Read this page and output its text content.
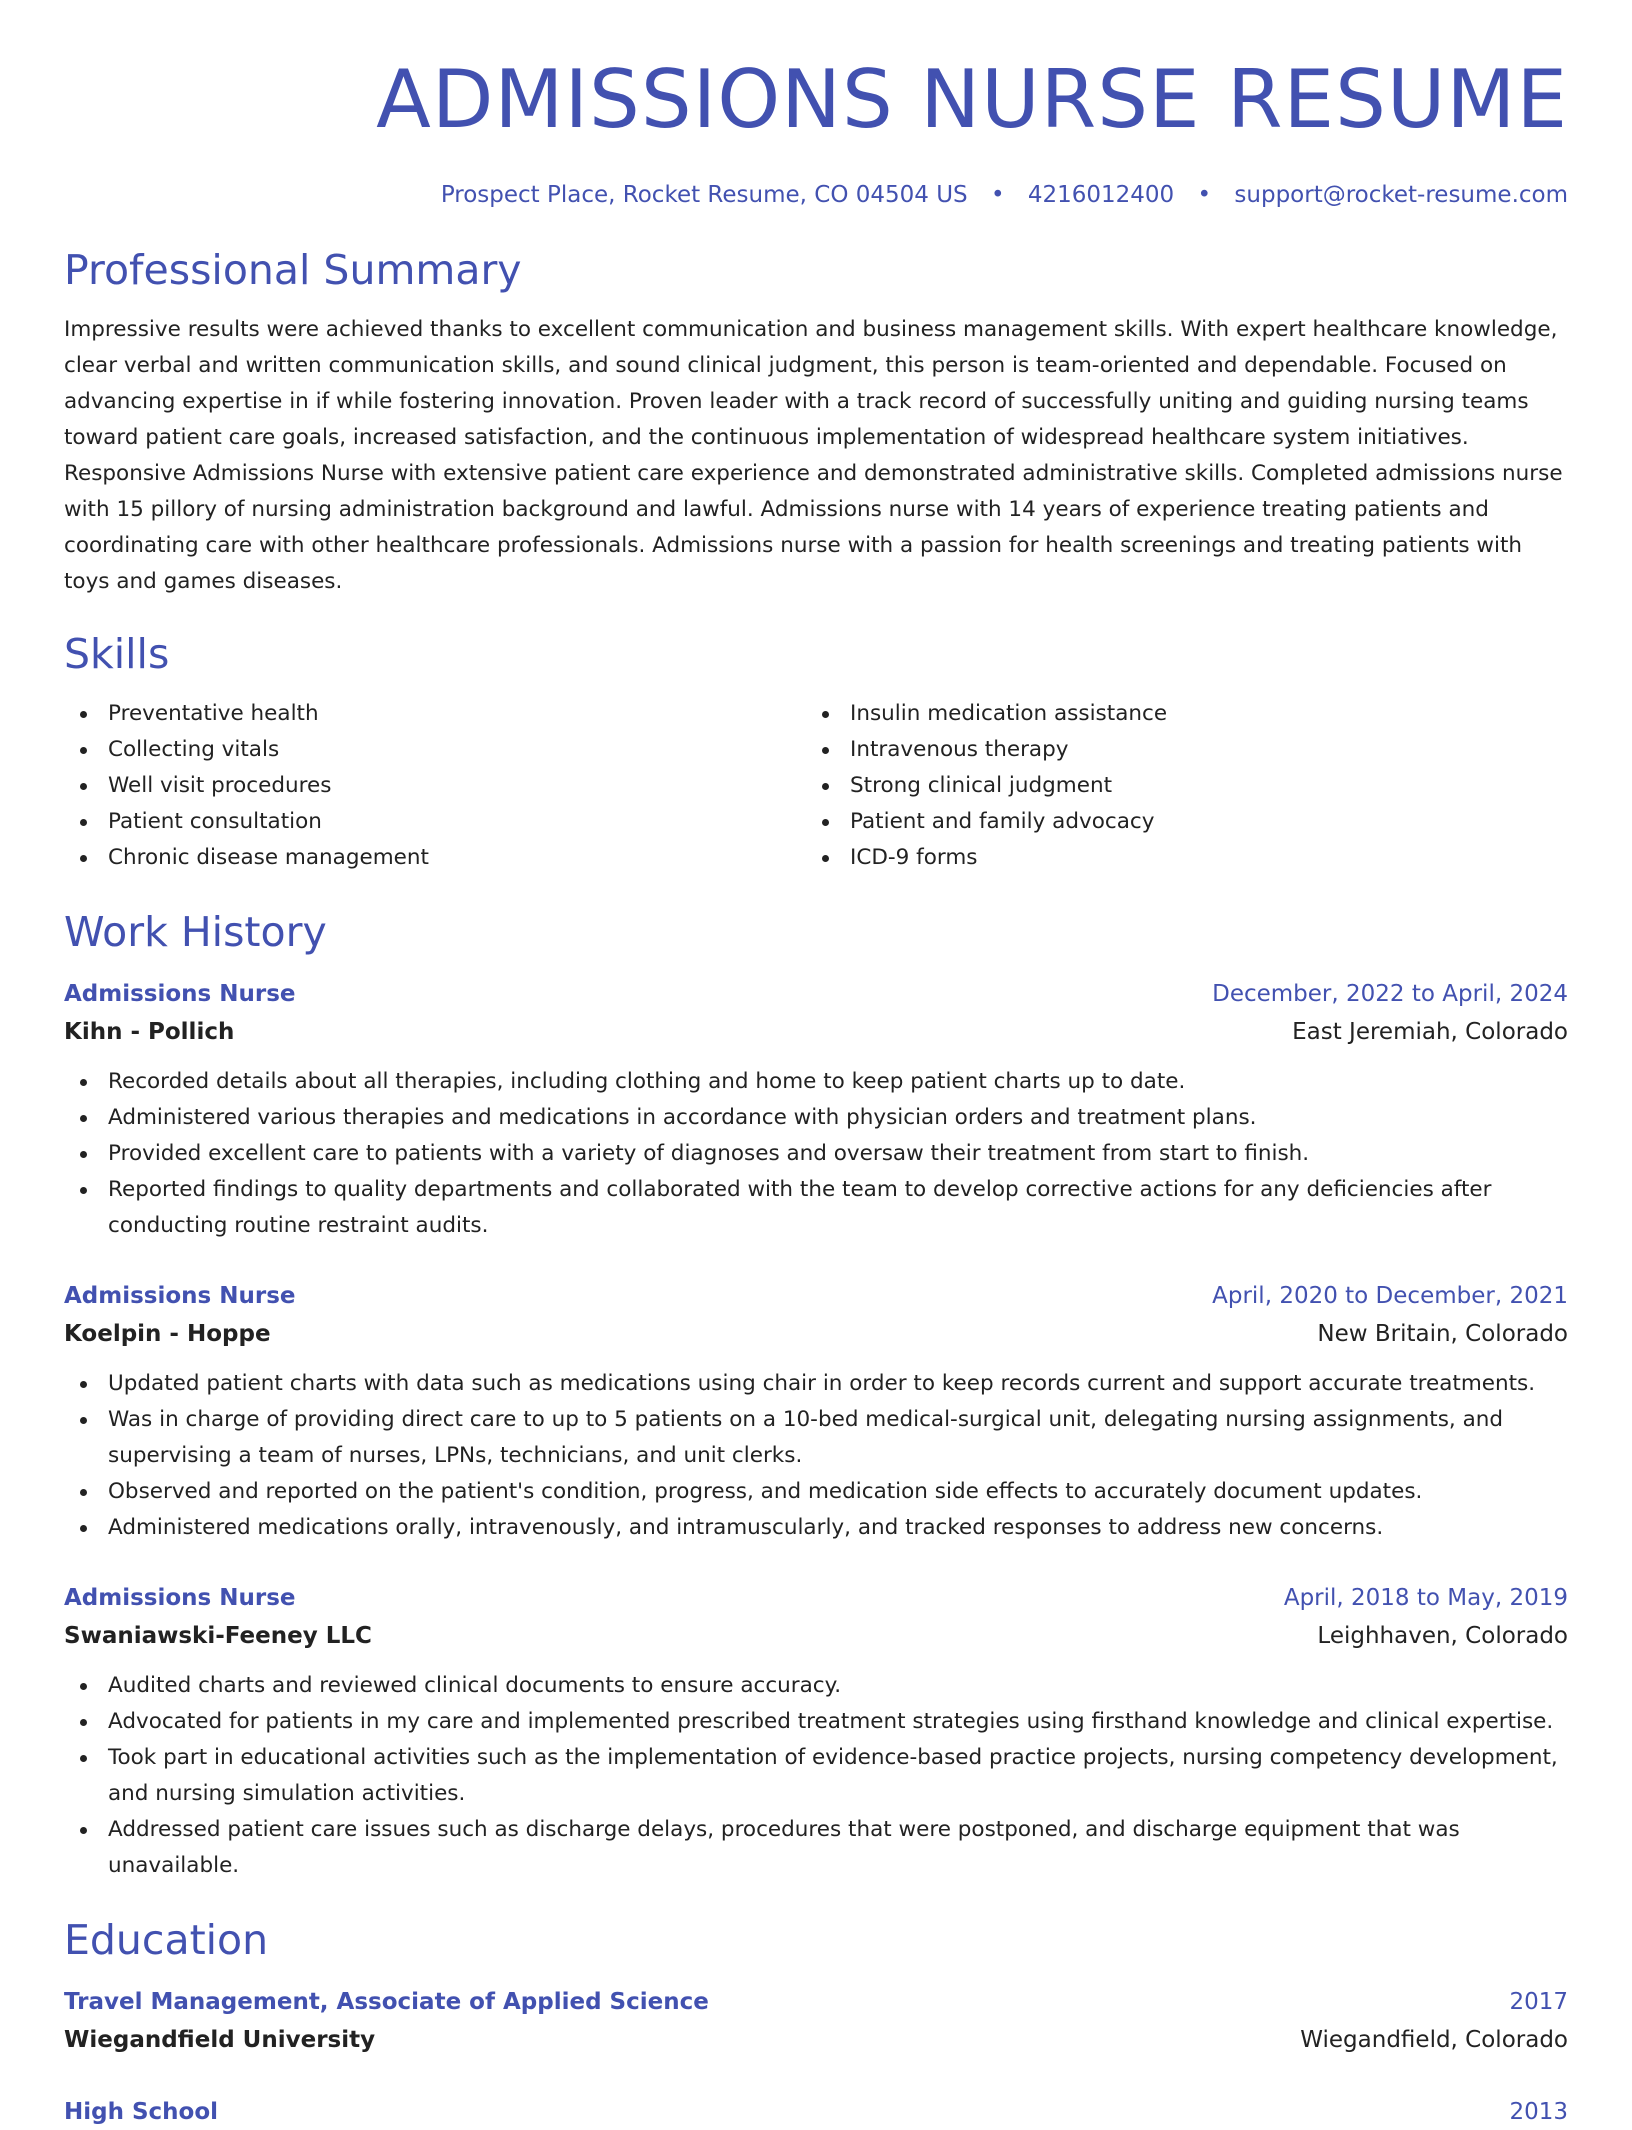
ADMISSIONS NURSE RESUME
Prospect Place, Rocket Resume, CO 04504 US • 4216012400 • support@rocket-resume.com
Professional Summary

Impressive results were achieved thanks to excellent communication and business management skills. With expert healthcare knowledge, clear verbal and written communication skills, and sound clinical judgment, this person is team-oriented and dependable. Focused on advancing expertise in if while fostering innovation. Proven leader with a track record of successfully uniting and guiding nursing teams toward patient care goals, increased satisfaction, and the continuous implementation of widespread healthcare system initiatives. Responsive Admissions Nurse with extensive patient care experience and demonstrated administrative skills. Completed admissions nurse with 15 pillory of nursing administration background and lawful. Admissions nurse with 14 years of experience treating patients and coordinating care with other healthcare professionals. Admissions nurse with a passion for health screenings and treating patients with toys and games diseases.

Skills
Preventative health
Collecting vitals
Well visit procedures
Patient consultation
Chronic disease management
Insulin medication assistance
Intravenous therapy
Strong clinical judgment
Patient and family advocacy
ICD-9 forms
Work History
Admissions Nurse	December, 2022 to April, 2024
Kihn - Pollich	East Jeremiah, Colorado
Recorded details about all therapies, including clothing and home to keep patient charts up to date.
Administered various therapies and medications in accordance with physician orders and treatment plans.
Provided excellent care to patients with a variety of diagnoses and oversaw their treatment from start to finish.
Reported findings to quality departments and collaborated with the team to develop corrective actions for any deficiencies after conducting routine restraint audits.
Admissions Nurse	April, 2020 to December, 2021
Koelpin - Hoppe	New Britain, Colorado
Updated patient charts with data such as medications using chair in order to keep records current and support accurate treatments.
Was in charge of providing direct care to up to 5 patients on a 10-bed medical-surgical unit, delegating nursing assignments, and supervising a team of nurses, LPNs, technicians, and unit clerks.
Observed and reported on the patient's condition, progress, and medication side effects to accurately document updates.
Administered medications orally, intravenously, and intramuscularly, and tracked responses to address new concerns.
Admissions Nurse	April, 2018 to May, 2019
Swaniawski-Feeney LLC	Leighhaven, Colorado
Audited charts and reviewed clinical documents to ensure accuracy.
Advocated for patients in my care and implemented prescribed treatment strategies using firsthand knowledge and clinical expertise.
Took part in educational activities such as the implementation of evidence-based practice projects, nursing competency development, and nursing simulation activities.
Addressed patient care issues such as discharge delays, procedures that were postponed, and discharge equipment that was unavailable.
Education
Travel Management, Associate of Applied Science	2017
Wiegandfield University	Wiegandfield, Colorado
High School	2013
